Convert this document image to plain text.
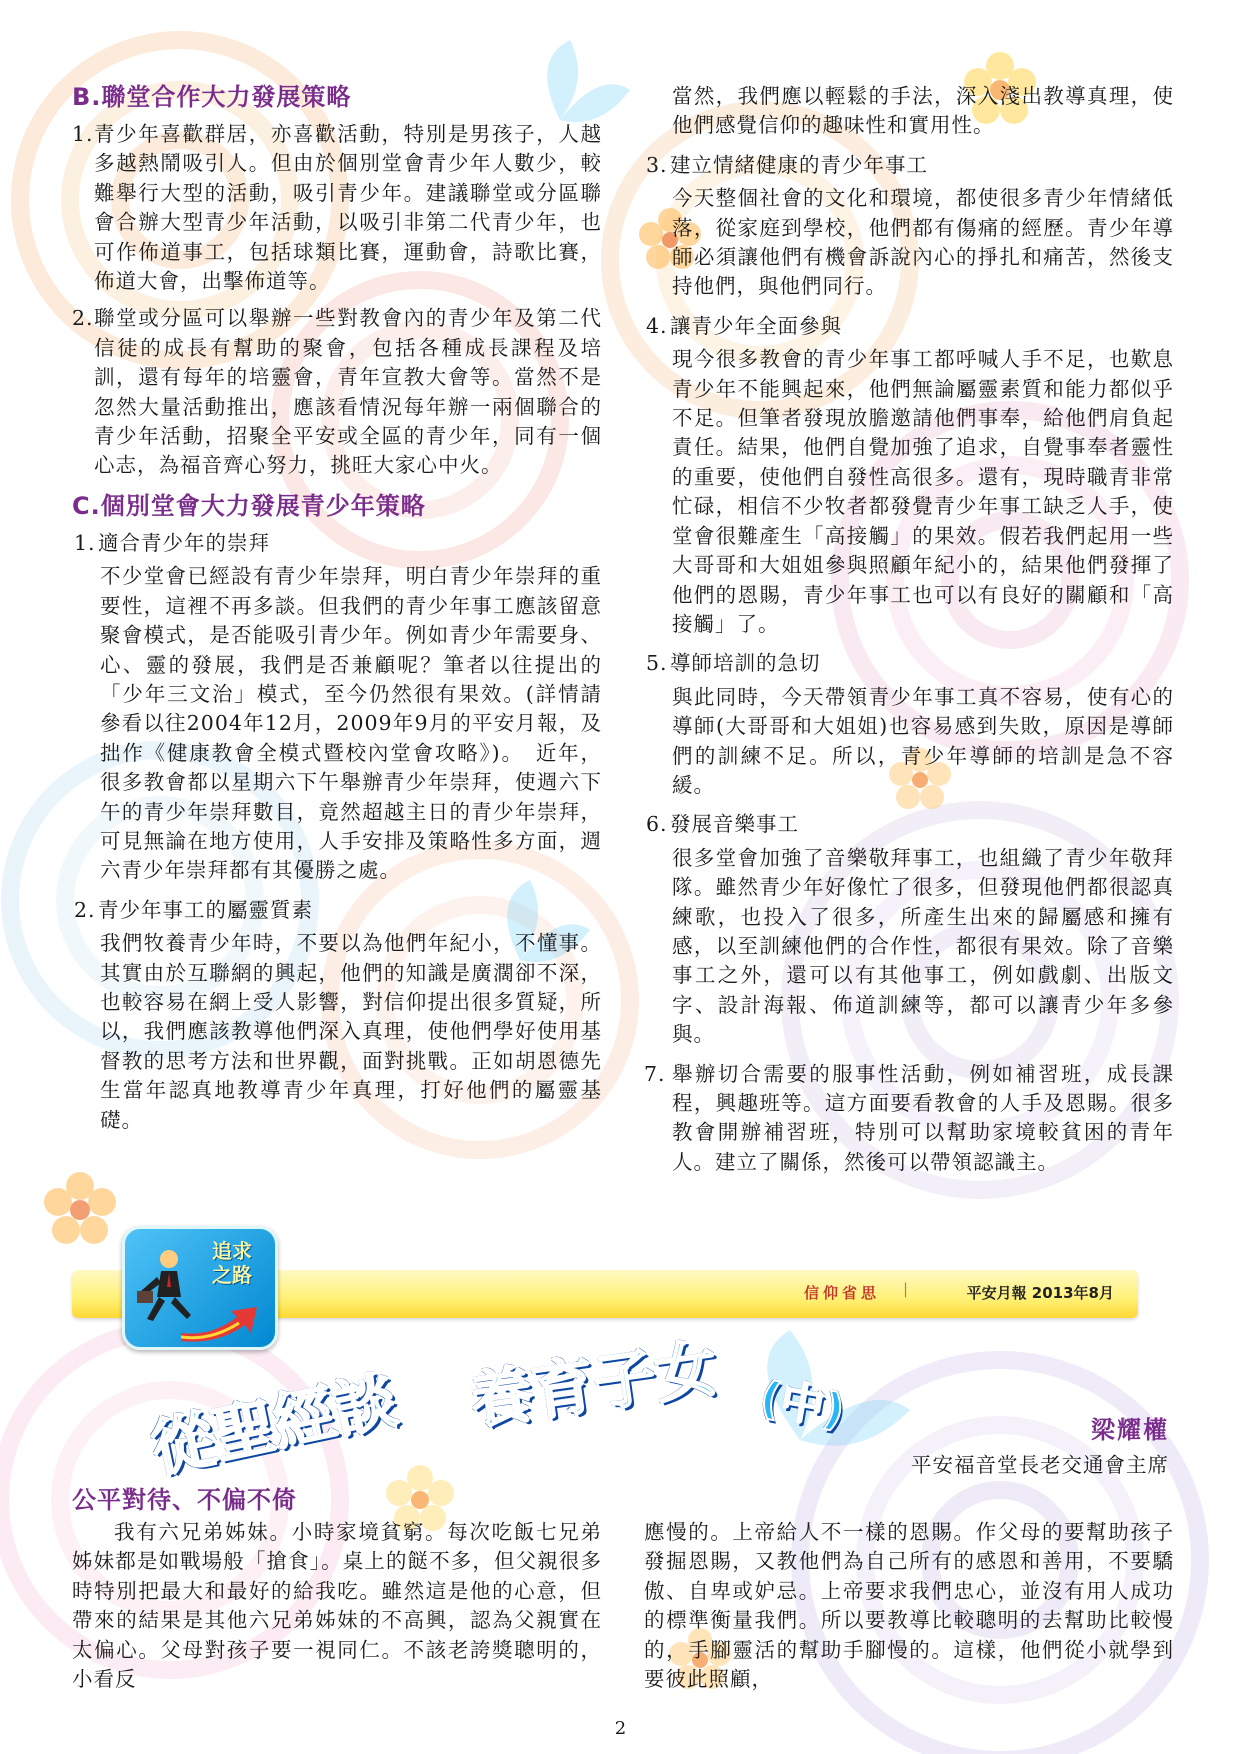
B.聯堂合作大力發展策略
1. 青少年喜歡群居，亦喜歡活動，特別是男孩子，人越多越熱鬧吸引人。但由於個別堂會青少年人數少，較難舉行大型的活動，吸引青少年。建議聯堂或分區聯會合辦大型青少年活動，以吸引非第二代青少年，也可作佈道事工，包括球類比賽，運動會，詩歌比賽，佈道大會，出擊佈道等。
2. 聯堂或分區可以舉辦一些對教會內的青少年及第二代信徒的成長有幫助的聚會，包括各種成長課程及培訓，還有每年的培靈會，青年宣教大會等。當然不是忽然大量活動推出，應該看情況每年辦一兩個聯合的青少年活動，招聚全平安或全區的青少年，同有一個心志，為福音齊心努力，挑旺大家心中火。
C.個別堂會大力發展青少年策略
1. 適合青少年的崇拜
不少堂會已經設有青少年崇拜，明白青少年崇拜的重要性，這裡不再多談。但我們的青少年事工應該留意聚會模式，是否能吸引青少年。例如青少年需要身、心、靈的發展，我們是否兼顧呢？筆者以往提出的「少年三文治」模式，至今仍然很有果效。(詳情請參看以往2004年12月，2009年9月的平安月報，及拙作《健康教會全模式暨校內堂會攻略》)。　近年，很多教會都以星期六下午舉辦青少年崇拜，使週六下午的青少年崇拜數目，竟然超越主日的青少年崇拜，可見無論在地方使用，人手安排及策略性多方面，週六青少年崇拜都有其優勝之處。
2. 青少年事工的屬靈質素
我們牧養青少年時，不要以為他們年紀小，不懂事。其實由於互聯網的興起，他們的知識是廣濶卻不深，也較容易在網上受人影響，對信仰提出很多質疑，所以，我們應該教導他們深入真理，使他們學好使用基督教的思考方法和世界觀，面對挑戰。正如胡恩德先生當年認真地教導青少年真理，打好他們的屬靈基礎。
當然，我們應以輕鬆的手法，深入淺出教導真理，使他們感覺信仰的趣味性和實用性。
3. 建立情緒健康的青少年事工
今天整個社會的文化和環境，都使很多青少年情緒低落，從家庭到學校，他們都有傷痛的經歷。青少年導師必須讓他們有機會訴說內心的掙扎和痛苦，然後支持他們，與他們同行。
4. 讓青少年全面參與
現今很多教會的青少年事工都呼喊人手不足，也歎息青少年不能興起來，他們無論屬靈素質和能力都似乎不足。但筆者發現放膽邀請他們事奉，給他們肩負起責任。結果，他們自覺加強了追求，自覺事奉者靈性的重要，使他們自發性高很多。還有，現時職青非常忙碌，相信不少牧者都發覺青少年事工缺乏人手，使堂會很難產生「高接觸」的果效。假若我們起用一些大哥哥和大姐姐參與照顧年紀小的，結果他們發揮了他們的恩賜，青少年事工也可以有良好的關顧和「高接觸」了。
5. 導師培訓的急切
與此同時，今天帶領青少年事工真不容易，使有心的導師(大哥哥和大姐姐)也容易感到失敗，原因是導師們的訓練不足。所以，青少年導師的培訓是急不容緩。
6. 發展音樂事工
很多堂會加強了音樂敬拜事工，也組織了青少年敬拜隊。雖然青少年好像忙了很多，但發現他們都很認真練歌，也投入了很多，所產生出來的歸屬感和擁有感，以至訓練他們的合作性，都很有果效。除了音樂事工之外，還可以有其他事工，例如戲劇、出版文字、設計海報、佈道訓練等，都可以讓青少年多參與。
7. 舉辦切合需要的服事性活動，例如補習班，成長課程，興趣班等。這方面要看教會的人手及恩賜。很多教會開辦補習班，特別可以幫助家境較貧困的青年人。建立了關係，然後可以帶領認識主。
信仰省思 |	平安月報 2013年8月
追求之路
從聖經談 養育子女 (中)	梁耀權
平安福音堂長老交通會主席
公平對待、不偏不倚
我有六兄弟姊妹。小時家境貧窮。每次吃飯七兄弟姊妹都是如戰場般「搶食」。桌上的餸不多，但父親很多時特別把最大和最好的給我吃。雖然這是他的心意，但帶來的結果是其他六兄弟姊妹的不高興，認為父親實在太偏心。父母對孩子要一視同仁。不該老誇獎聰明的，小看反
應慢的。上帝給人不一樣的恩賜。作父母的要幫助孩子發掘恩賜，又教他們為自己所有的感恩和善用，不要驕傲、自卑或妒忌。上帝要求我們忠心，並沒有用人成功的標準衡量我們。所以要教導比較聰明的去幫助比較慢的，手腳靈活的幫助手腳慢的。這樣，他們從小就學到要彼此照顧，
2
